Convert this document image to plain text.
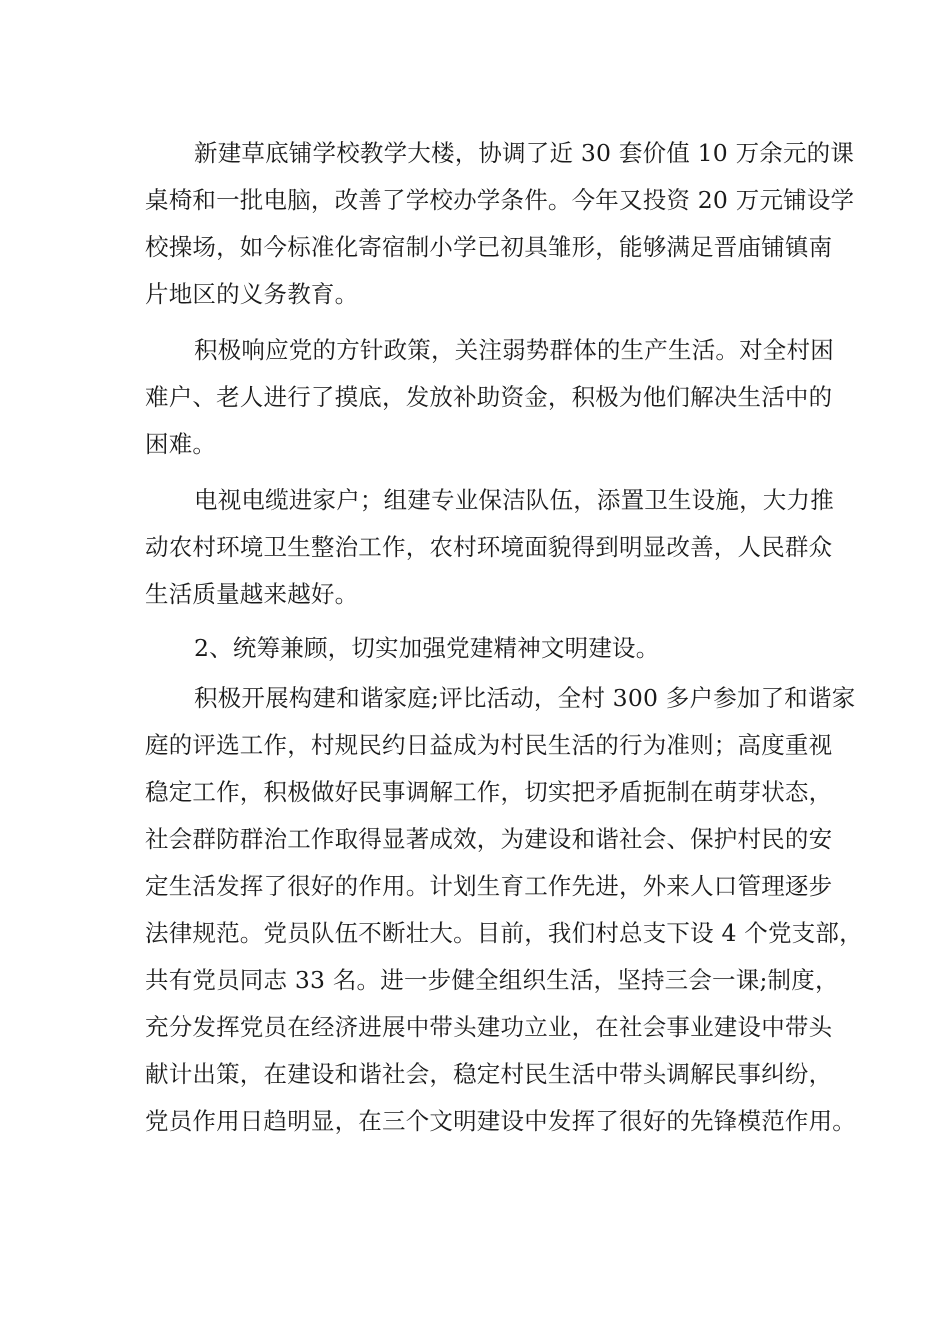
新建草底铺学校教学大楼，协调了近 30 套价值 10 万余元的课
桌椅和一批电脑，改善了学校办学条件。今年又投资 20 万元铺设学
校操场，如今标准化寄宿制小学已初具雏形，能够满足晋庙铺镇南
片地区的义务教育。
积极响应党的方针政策，关注弱势群体的生产生活。对全村困
难户、老人进行了摸底，发放补助资金，积极为他们解决生活中的
困难。
电视电缆进家户；组建专业保洁队伍，添置卫生设施，大力推
动农村环境卫生整治工作，农村环境面貌得到明显改善，人民群众
生活质量越来越好。
2、统筹兼顾，切实加强党建精神文明建设。
积极开展构建和谐家庭;评比活动，全村 300 多户参加了和谐家
庭的评选工作，村规民约日益成为村民生活的行为准则；高度重视
稳定工作，积极做好民事调解工作，切实把矛盾扼制在萌芽状态，
社会群防群治工作取得显著成效，为建设和谐社会、保护村民的安
定生活发挥了很好的作用。计划生育工作先进，外来人口管理逐步
法律规范。党员队伍不断壮大。目前，我们村总支下设 4 个党支部，
共有党员同志 33 名。进一步健全组织生活，坚持三会一课;制度，
充分发挥党员在经济进展中带头建功立业，在社会事业建设中带头
献计出策，在建设和谐社会，稳定村民生活中带头调解民事纠纷，
党员作用日趋明显，在三个文明建设中发挥了很好的先锋模范作用。
